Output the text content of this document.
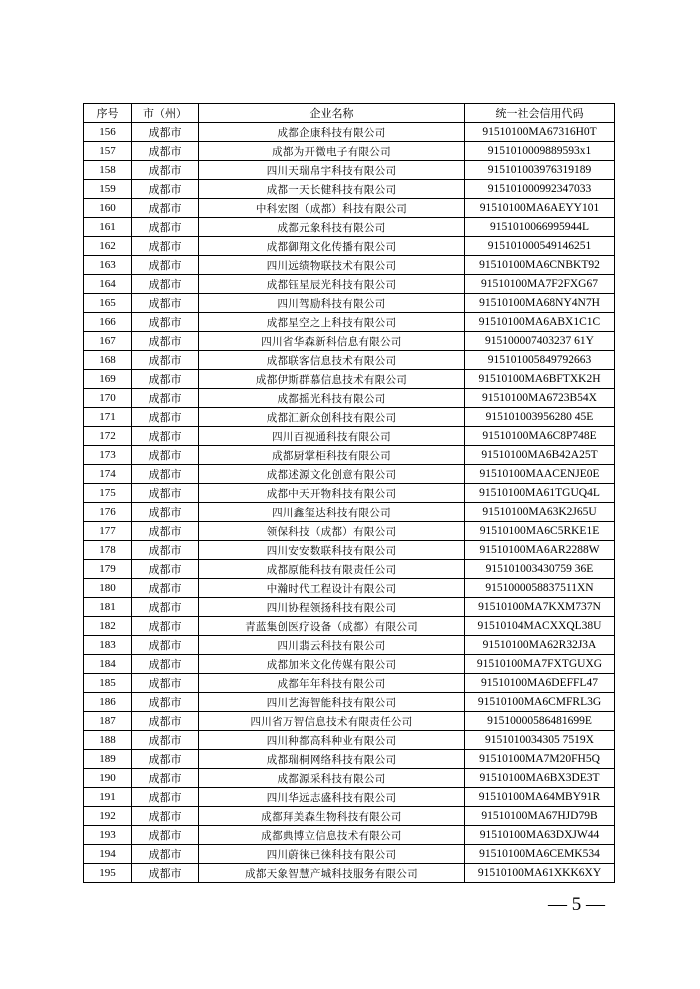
序号	市（州）	企业名称	统一社会信用代码
156	成都市	成都企康科技有限公司	91510100MA67316H0T
157	成都市	成都为开微电子有限公司	9151010009889593x1
158	成都市	四川天瑞帛宇科技有限公司	915101003976319189
159	成都市	成都一天长健科技有限公司	915101000992347033
160	成都市	中科宏图（成都）科技有限公司	91510100MA6AEYY101
161	成都市	成都元象科技有限公司	9151010066995944L
162	成都市	成都御翔文化传播有限公司	915101000549146251
163	成都市	四川远绩物联技术有限公司	91510100MA6CNBKT92
164	成都市	成都钰星辰光科技有限公司	91510100MA7F2FXG67
165	成都市	四川驾励科技有限公司	91510100MA68NY4N7H
166	成都市	成都星空之上科技有限公司	91510100MA6ABX1C1C
167	成都市	四川省华森新科信息有限公司	915100007403237 61Y
168	成都市	成都联客信息技术有限公司	915101005849792663
169	成都市	成都伊斯群慕信息技术有限公司	91510100MA6BFTXK2H
170	成都市	成都摇光科技有限公司	91510100MA6723B54X
171	成都市	成都汇新众创科技有限公司	915101003956280 45E
172	成都市	四川百视通科技有限公司	91510100MA6C8P748E
173	成都市	成都厨掌柜科技有限公司	91510100MA6B42A25T
174	成都市	成都述源文化创意有限公司	91510100MAACENJE0E
175	成都市	成都中天开物科技有限公司	91510100MA61TGUQ4L
176	成都市	四川鑫玺达科技有限公司	91510100MA63K2J65U
177	成都市	领保科技（成都）有限公司	91510100MA6C5RKE1E
178	成都市	四川安安数联科技有限公司	91510100MA6AR2288W
179	成都市	成都原能科技有限责任公司	915101003430759 36E
180	成都市	中瀚时代工程设计有限公司	9151000058837511XN
181	成都市	四川协程领扬科技有限公司	91510100MA7KXM737N
182	成都市	青蓝集创医疗设备（成都）有限公司	91510104MACXXQL38U
183	成都市	四川翡云科技有限公司	91510100MA62R32J3A
184	成都市	成都加米文化传媒有限公司	91510100MA7FXTGUXG
185	成都市	成都年年科技有限公司	91510100MA6DEFFL47
186	成都市	四川艺海智能科技有限公司	91510100MA6CMFRL3G
187	成都市	四川省万智信息技术有限责任公司	91510000586481699E
188	成都市	四川种都高科种业有限公司	9151010034305 7519X
189	成都市	成都瑞桐网络科技有限公司	91510100MA7M20FH5Q
190	成都市	成都源采科技有限公司	91510100MA6BX3DE3T
191	成都市	四川华远志盛科技有限公司	91510100MA64MBY91R
192	成都市	成都拜美森生物科技有限公司	91510100MA67HJD79B
193	成都市	成都典博立信息技术有限公司	91510100MA63DXJW44
194	成都市	四川蔚徕已徕科技有限公司	91510100MA6CEMK534
195	成都市	成都天象智慧产城科技服务有限公司	91510100MA61XKK6XY
— 5 —
